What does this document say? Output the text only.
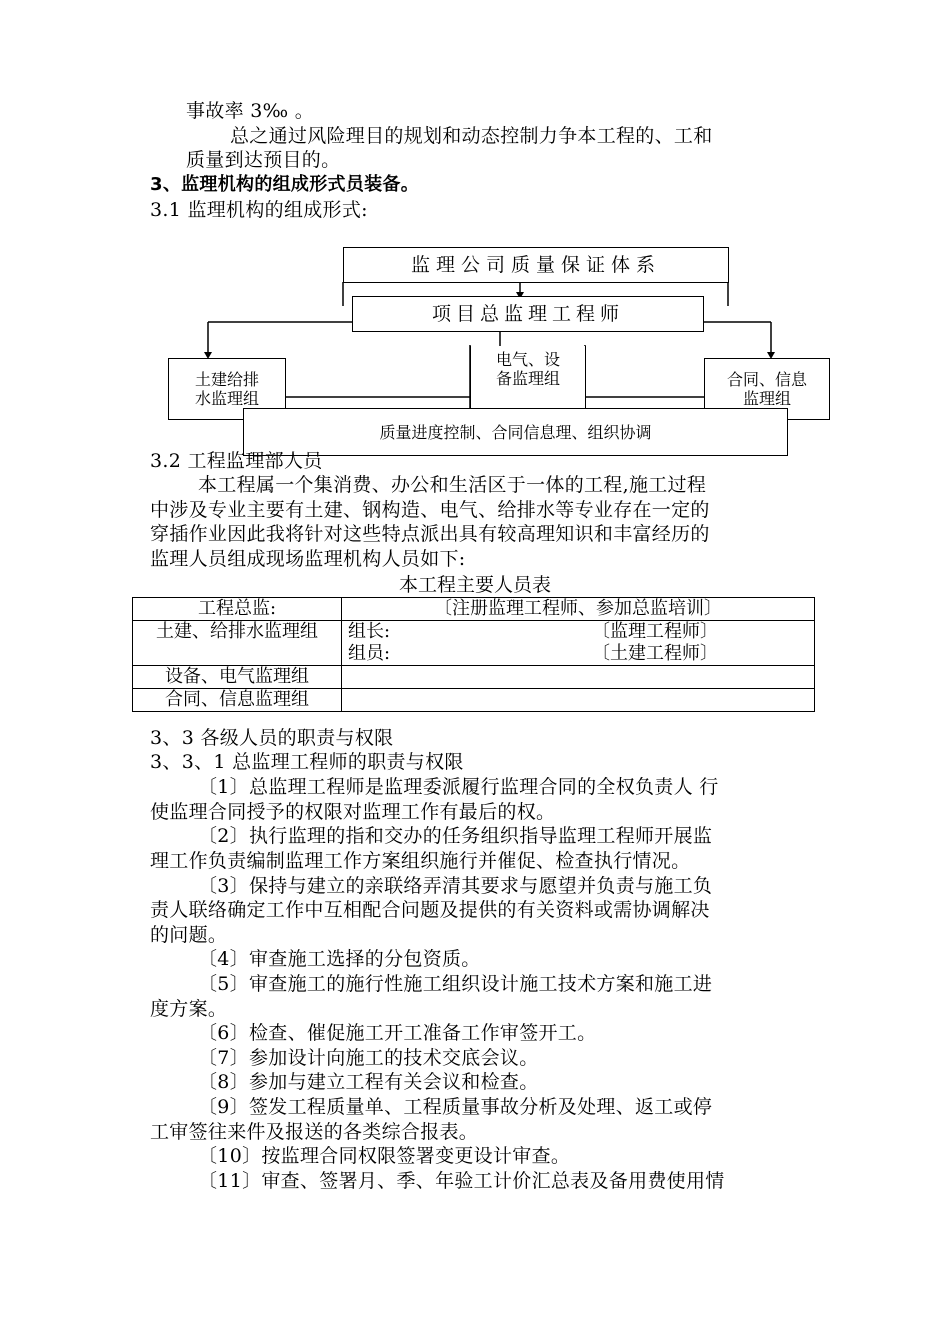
事故率 3‰ 。
总之通过风险理目的规划和动态控制力争本工程的、工和
质量到达预目的。
3、监理机构的组成形式员装备。
3.1 监理机构的组成形式:
监理公司质量保证体系
项目总监理工程师
土建给排
水监理组
电气、设
备监理组	合同、信息
监理组
质量进度控制、合同信息理、组织协调
3.2 工程监理部人员
本工程属一个集消费、办公和生活区于一体的工程,施工过程
中涉及专业主要有土建、钢构造、电气、给排水等专业存在一定的
穿插作业因此我将针对这些特点派出具有较高理知识和丰富经历的
监理人员组成现场监理机构人员如下:
本工程主要人员表
工程总监:	〔注册监理工程师、参加总监培训〕
土建、给排水监理组	组长: 〔监理工程师〕
组员: 〔土建工程师〕

设备、电气监理组	
合同、信息监理组	
3、3 各级人员的职责与权限
3、3、1 总监理工程师的职责与权限
〔1〕总监理工程师是监理委派履行监理合同的全权负责人 行
使监理合同授予的权限对监理工作有最后的权。
〔2〕执行监理的指和交办的任务组织指导监理工程师开展监
理工作负责编制监理工作方案组织施行并催促、检查执行情况。
〔3〕保持与建立的亲联络弄清其要求与愿望并负责与施工负
责人联络确定工作中互相配合问题及提供的有关资料或需协调解决
的问题。
〔4〕审查施工选择的分包资质。
〔5〕审查施工的施行性施工组织设计施工技术方案和施工进
度方案。
〔6〕检查、催促施工开工准备工作审签开工。
〔7〕参加设计向施工的技术交底会议。
〔8〕参加与建立工程有关会议和检查。
〔9〕签发工程质量单、工程质量事故分析及处理、返工或停
工审签往来件及报送的各类综合报表。
〔10〕按监理合同权限签署变更设计审查。
〔11〕审查、签署月、季、年验工计价汇总表及备用费使用情
